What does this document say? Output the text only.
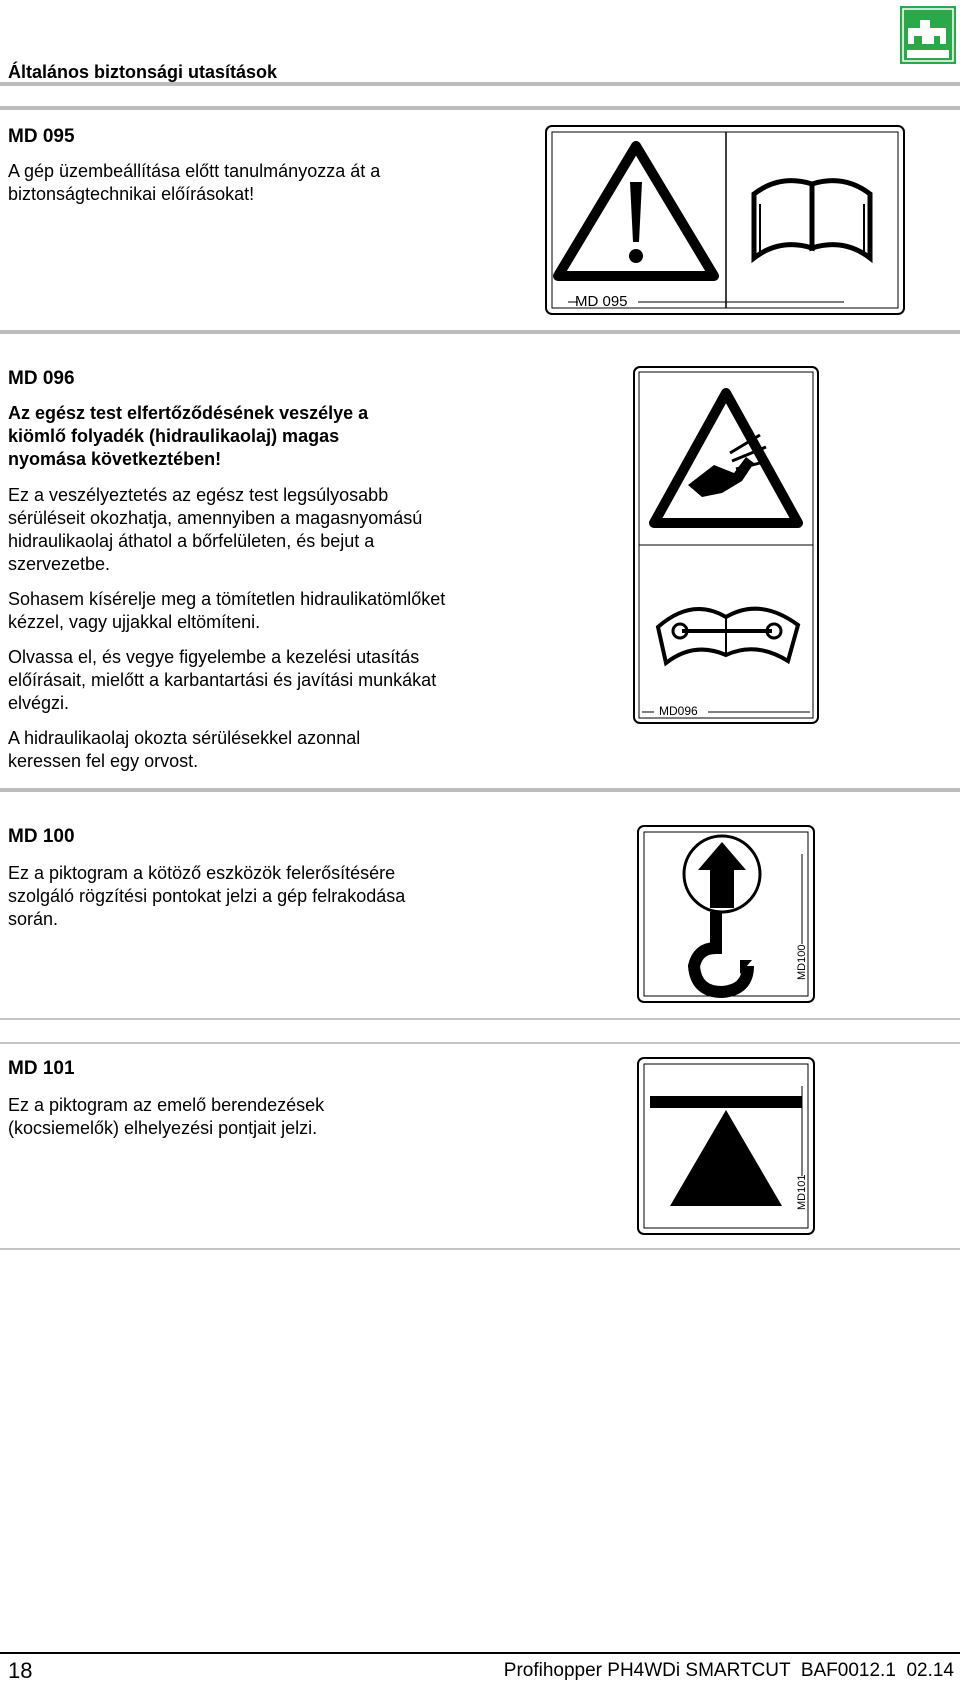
Általános biztonsági utasítások
MD 095
A gép üzembeállítása előtt tanulmányozza át a biztonságtechnikai előírásokat!
MD 095
MD 096
Az egész test elfertőződésének veszélye a kiömlő folyadék (hidraulikaolaj) magas nyomása következtében!
Ez a veszélyeztetés az egész test legsúlyosabb sérüléseit okozhatja, amennyiben a magasnyomású hidraulikaolaj áthatol a bőrfelületen, és bejut a szervezetbe.
Sohasem kísérelje meg a tömítetlen hidraulikatömlőket kézzel, vagy ujjakkal eltömíteni.
Olvassa el, és vegye figyelembe a kezelési utasítás előírásait, mielőtt a karbantartási és javítási munkákat elvégzi.
A hidraulikaolaj okozta sérülésekkel azonnal keressen fel egy orvost.
MD096
MD 100
Ez a piktogram a kötöző eszközök felerősítésére szolgáló rögzítési pontokat jelzi a gép felrakodása során.
MD100
MD 101
Ez a piktogram az emelő berendezések (kocsiemelők) elhelyezési pontjait jelzi.
MD101
18	Profihopper PH4WDi SMARTCUT  BAF0012.1  02.14
